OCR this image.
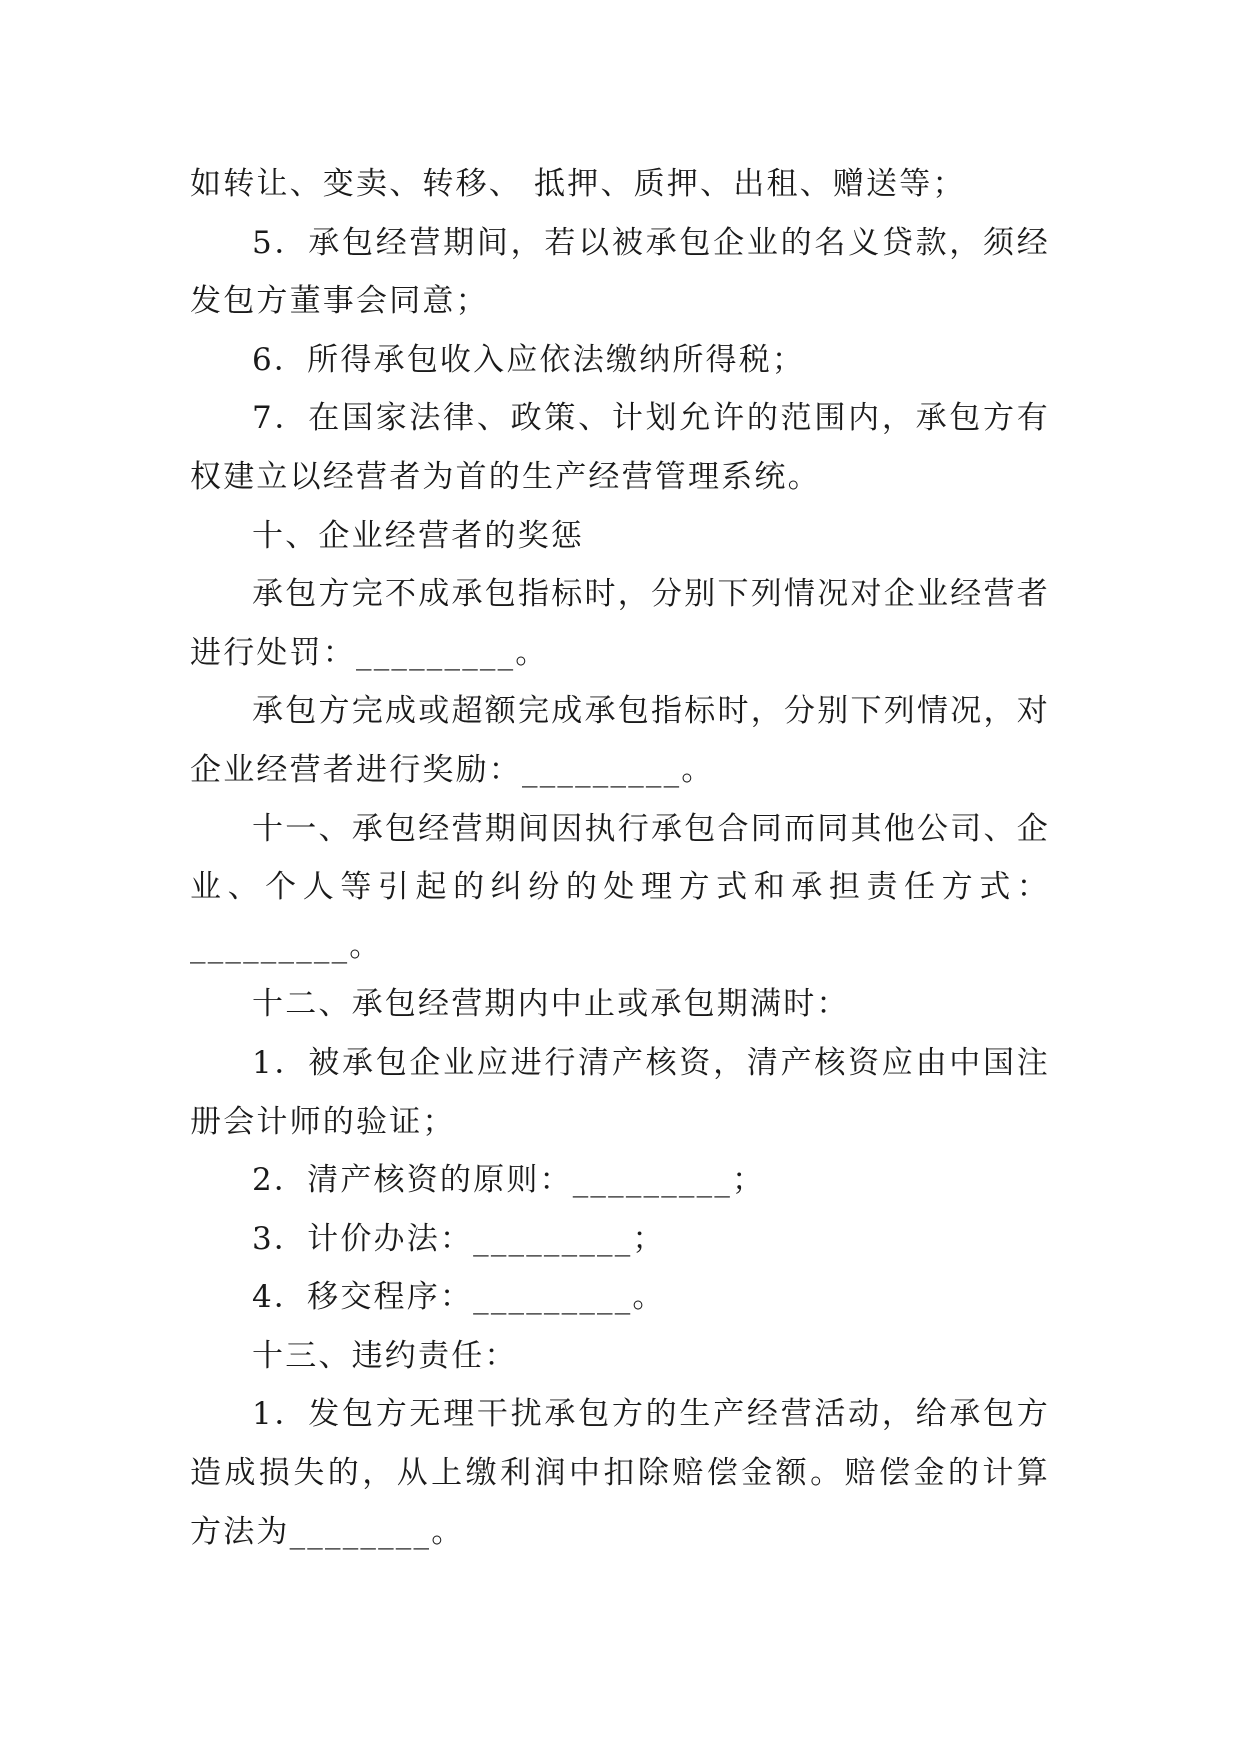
如转让、变卖、转移、 抵押、质押、出租、赠送等；

5．承包经营期间，若以被承包企业的名义贷款，须经发包方董事会同意；

6．所得承包收入应依法缴纳所得税；

7．在国家法律、政策、计划允许的范围内，承包方有权建立以经营者为首的生产经营管理系统。

十、企业经营者的奖惩

承包方完不成承包指标时，分别下列情况对企业经营者进行处罚：_________。

承包方完成或超额完成承包指标时，分别下列情况，对企业经营者进行奖励：_________。

十一、承包经营期间因执行承包合同而同其他公司、企业、个人等引起的纠纷的处理方式和承担责任方式：

_________。

十二、承包经营期内中止或承包期满时：

1．被承包企业应进行清产核资，清产核资应由中国注册会计师的验证；

2．清产核资的原则：_________；

3．计价办法：_________；

4．移交程序：_________。

十三、违约责任：

1．发包方无理干扰承包方的生产经营活动，给承包方造成损失的，从上缴利润中扣除赔偿金额。赔偿金的计算方法为________。
